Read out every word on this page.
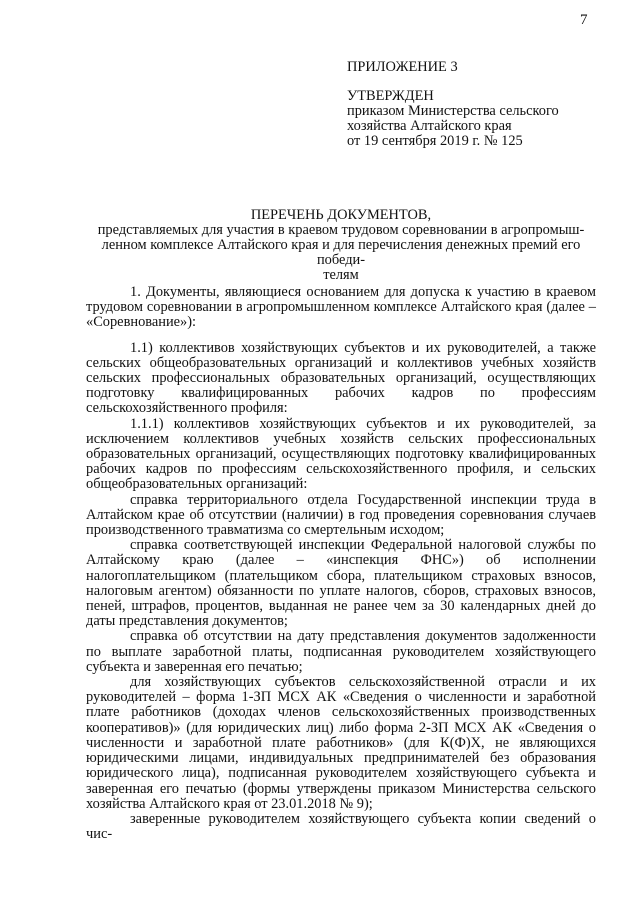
7
ПРИЛОЖЕНИЕ 3
УТВЕРЖДЕН
приказом Министерства сельского
хозяйства Алтайского края
от 19 сентября 2019 г. № 125
ПЕРЕЧЕНЬ ДОКУМЕНТОВ,
представляемых для участия в краевом трудовом соревновании в агропромыш-
ленном комплексе Алтайского края и для перечисления денежных премий его победи-
телям

1. Документы, являющиеся основанием для допуска к участию в краевом трудовом соревновании в агропромышленном комплексе Алтайского края (далее – «Соревнование»):

1.1) коллективов хозяйствующих субъектов и их руководителей, а также сельских общеобразовательных организаций и коллективов учебных хозяйств сельских профессиональных образовательных организаций, осуществляющих подготовку квалифицированных рабочих кадров по профессиям сельскохозяйственного профиля:

1.1.1) коллективов хозяйствующих субъектов и их руководителей, за исключением коллективов учебных хозяйств сельских профессиональных образовательных организаций, осуществляющих подготовку квалифицированных рабочих кадров по профессиям сельскохозяйственного профиля, и сельских общеобразовательных организаций:

справка территориального отдела Государственной инспекции труда в Алтайском крае об отсутствии (наличии) в год проведения соревнования случаев производственного травматизма со смертельным исходом;

справка соответствующей инспекции Федеральной налоговой службы по Алтайскому краю (далее – «инспекция ФНС») об исполнении налогоплательщиком (плательщиком сбора, плательщиком страховых взносов, налоговым агентом) обязанности по уплате налогов, сборов, страховых взносов, пеней, штрафов, процентов, выданная не ранее чем за 30 календарных дней до даты представления документов;

справка об отсутствии на дату представления документов задолженности по выплате заработной платы, подписанная руководителем хозяйствующего субъекта и заверенная его печатью;

для хозяйствующих субъектов сельскохозяйственной отрасли и их руководителей – форма 1-ЗП МСХ АК «Сведения о численности и заработной плате работников (доходах членов сельскохозяйственных производственных кооперативов)» (для юридических лиц) либо форма 2-ЗП МСХ АК «Сведения о численности и заработной плате работников» (для К(Ф)Х, не являющихся юридическими лицами, индивидуальных предпринимателей без образования юридического лица), подписанная руководителем хозяйствующего субъекта и заверенная его печатью (формы утверждены приказом Министерства сельского хозяйства Алтайского края от 23.01.2018 № 9);

заверенные руководителем хозяйствующего субъекта копии сведений о чис-
